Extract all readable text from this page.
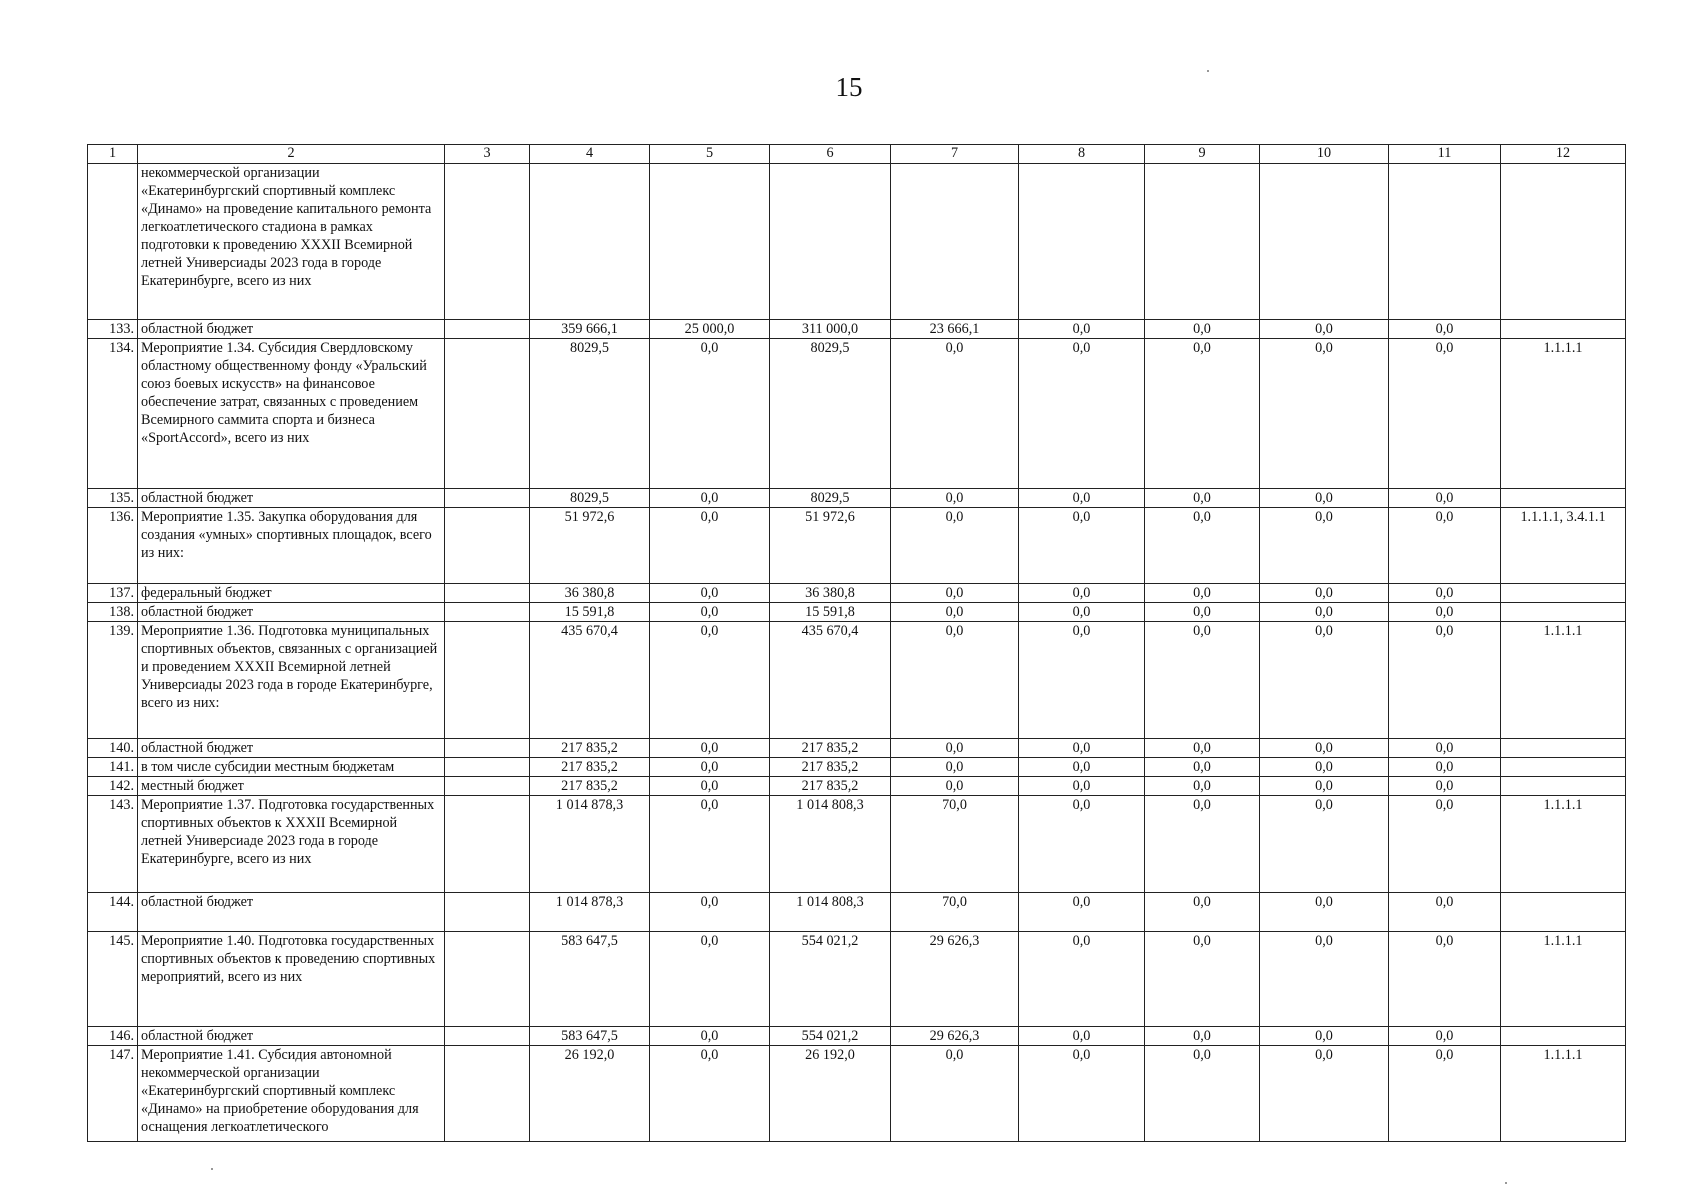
15
1	2	3	4	5	6	7	8	9	10	11	12
	некоммерческой организации «Екатеринбургский спортивный комплекс «Динамо» на проведение капитального ремонта легкоатлетического стадиона в рамках подготовки к проведению XXXII Всемирной летней Универсиады 2023 года в городе Екатеринбурге, всего из них										
133.	областной бюджет		359 666,1	25 000,0	311 000,0	23 666,1	0,0	0,0	0,0	0,0	
134.	Мероприятие 1.34. Субсидия Свердловскому областному общественному фонду «Уральский союз боевых искусств» на финансовое обеспечение затрат, связанных с проведением Всемирного саммита спорта и бизнеса «SportAccord», всего из них		8029,5	0,0	8029,5	0,0	0,0	0,0	0,0	0,0	1.1.1.1
135.	областной бюджет		8029,5	0,0	8029,5	0,0	0,0	0,0	0,0	0,0	
136.	Мероприятие 1.35. Закупка оборудования для создания «умных» спортивных площадок, всего из них:		51 972,6	0,0	51 972,6	0,0	0,0	0,0	0,0	0,0	1.1.1.1, 3.4.1.1
137.	федеральный бюджет		36 380,8	0,0	36 380,8	0,0	0,0	0,0	0,0	0,0	
138.	областной бюджет		15 591,8	0,0	15 591,8	0,0	0,0	0,0	0,0	0,0	
139.	Мероприятие 1.36. Подготовка муниципальных спортивных объектов, связанных с организацией и проведением XXXII Всемирной летней Универсиады 2023 года в городе Екатеринбурге, всего из них:		435 670,4	0,0	435 670,4	0,0	0,0	0,0	0,0	0,0	1.1.1.1
140.	областной бюджет		217 835,2	0,0	217 835,2	0,0	0,0	0,0	0,0	0,0	
141.	в том числе субсидии местным бюджетам		217 835,2	0,0	217 835,2	0,0	0,0	0,0	0,0	0,0	
142.	местный бюджет		217 835,2	0,0	217 835,2	0,0	0,0	0,0	0,0	0,0	
143.	Мероприятие 1.37. Подготовка государственных спортивных объектов к XXXII Всемирной летней Универсиаде 2023 года в городе Екатеринбурге, всего из них		1 014 878,3	0,0	1 014 808,3	70,0	0,0	0,0	0,0	0,0	1.1.1.1
144.	областной бюджет		1 014 878,3	0,0	1 014 808,3	70,0	0,0	0,0	0,0	0,0	
145.	Мероприятие 1.40. Подготовка государственных спортивных объектов к проведению спортивных мероприятий, всего из них		583 647,5	0,0	554 021,2	29 626,3	0,0	0,0	0,0	0,0	1.1.1.1
146.	областной бюджет		583 647,5	0,0	554 021,2	29 626,3	0,0	0,0	0,0	0,0	
147.	Мероприятие 1.41. Субсидия автономной некоммерческой организации «Екатеринбургский спортивный комплекс «Динамо» на приобретение оборудования для оснащения легкоатлетического		26 192,0	0,0	26 192,0	0,0	0,0	0,0	0,0	0,0	1.1.1.1
